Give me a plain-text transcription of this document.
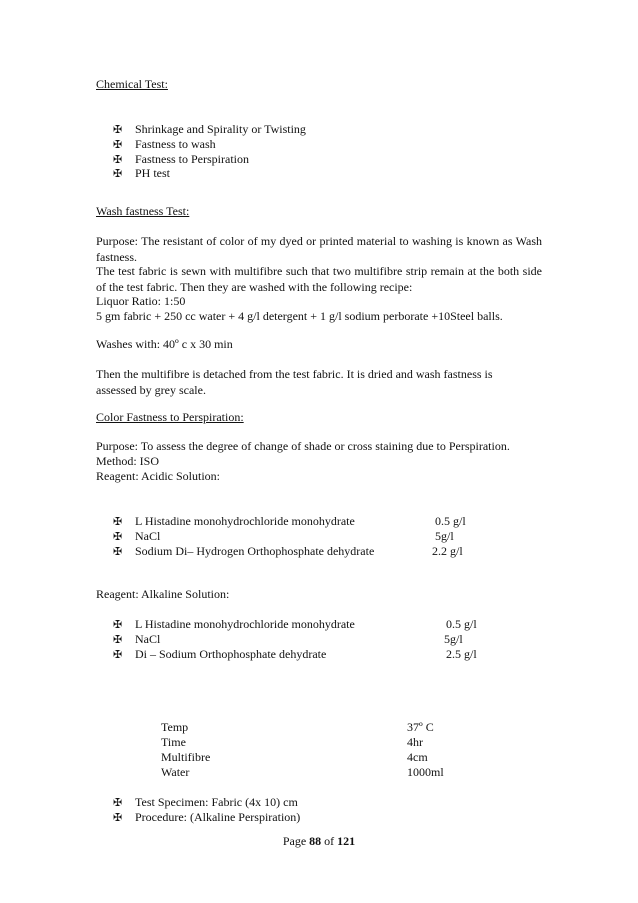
Chemical Test:
✠ Shrinkage and Spirality or Twisting
✠ Fastness to wash
✠ Fastness to Perspiration
✠ PH test
Wash fastness Test:
Purpose: The resistant of color of my dyed or printed material to washing is known as Wash fastness.
The test fabric is sewn with multifibre such that two multifibre strip remain at the both side of the test fabric. Then they are washed with the following recipe:
Liquor Ratio: 1:50
5 gm fabric + 250 cc water + 4 g/l detergent + 1 g/l sodium perborate +10Steel balls.
Washes with: 40º c x 30 min
Then the multifibre is detached from the test fabric. It is dried and wash fastness is assessed by grey scale.
Color Fastness to Perspiration:
Purpose: To assess the degree of change of shade or cross staining due to Perspiration.
Method: ISO
Reagent: Acidic Solution:
✠ L Histadine monohydrochloride monohydrate	0.5 g/l
✠ NaCl	5g/l
✠ Sodium Di– Hydrogen Orthophosphate dehydrate	2.2 g/l
Reagent: Alkaline Solution:
✠ L Histadine monohydrochloride monohydrate	0.5 g/l
✠ NaCl	5g/l
✠ Di – Sodium Orthophosphate dehydrate	2.5 g/l
Temp	37º C
Time	4hr
Multifibre	4cm
Water	1000ml
✠ Test Specimen: Fabric (4x 10) cm
✠ Procedure: (Alkaline Perspiration)
Page 88 of 121
